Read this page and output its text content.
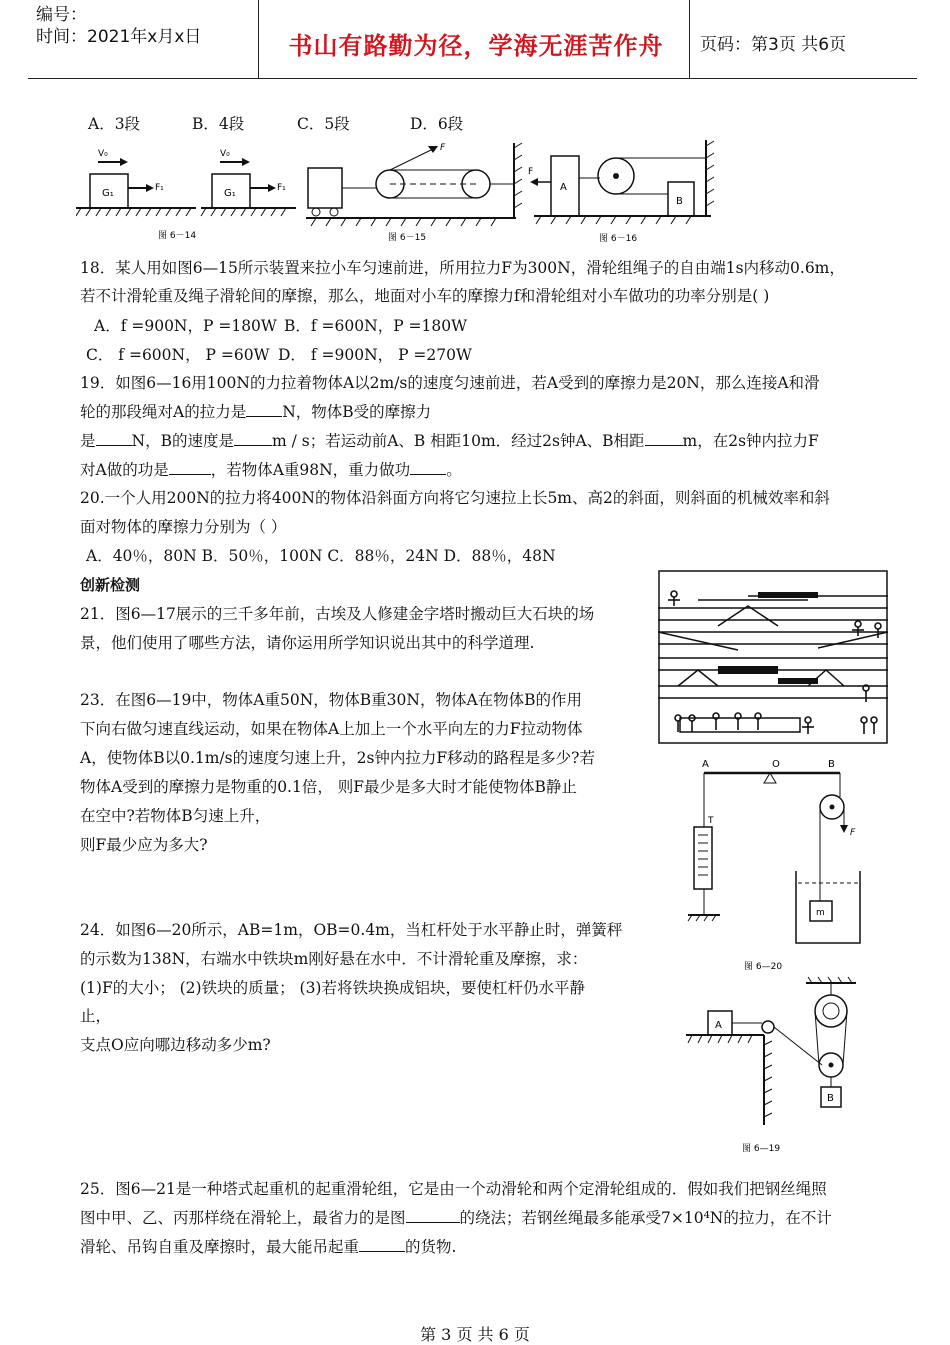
编号：
时间：2021年x月x日	书山有路勤为径，学海无涯苦作舟	页码：第3页 共6页
A．3段	B．4段	C．5段	D．6段
G₁	F₁
V₀
G₁	F₁
V₀
图 6－14
F
图 6－15
A
F
B
图 6－16
18．某人用如图6—15所示装置来拉小车匀速前进，所用拉力F为300N，滑轮组绳子的自由端1s内移动0.6m，
若不计滑轮重及绳子滑轮间的摩擦，那么，地面对小车的摩擦力f和滑轮组对小车做功的功率分别是( )
A．f =900N，P =180W B．f =600N，P =180W
C． f =600N， P =60W D． f =900N， P =270W
19．如图6—16用100N的力拉着物体A以2m/s的速度匀速前进，若A受到的摩擦力是20N，那么连接A和滑
轮的那段绳对A的拉力是 N，物体B受的摩擦力
是 N，B的速度是 m / s；若运动前A、B 相距10m．经过2s钟A、B相距 m，在2s钟内拉力F
对A做的功是	，若物体A重98N，重力做功 。
20.一个人用200N的拉力将400N的物体沿斜面方向将它匀速拉上长5m、高2的斜面，则斜面的机械效率和斜
面对物体的摩擦力分别为（ ）
A．40％，80N B．50％，100N C．88％，24N D．88％，48N
创新检测
21．图6—17展示的三千多年前，古埃及人修建金字塔时搬动巨大石块的场
景，他们使用了哪些方法，请你运用所学知识说出其中的科学道理.
23．在图6—19中，物体A重50N，物体B重30N，物体A在物体B的作用
下向右做匀速直线运动，如果在物体A上加上一个水平向左的力F拉动物体
A，使物体B以0.1m/s的速度匀速上升，2s钟内拉力F移动的路程是多少?若
物体A受到的摩擦力是物重的0.1倍， 则F最少是多大时才能使物体B静止
在空中?若物体B匀速上升，
则F最少应为多大?
A	O	B
T
F
m
图 6—20
24．如图6—20所示，AB=1m，OB=0.4m，当杠杆处于水平静止时，弹簧秤
的示数为138N，右端水中铁块m刚好悬在水中．不计滑轮重及摩擦，求：
(1)F的大小； (2)铁块的质量； (3)若将铁块换成铝块，要使杠杆仍水平静
止，
支点O应向哪边移动多少m?
A
B
图 6—19
25．图6—21是一种塔式起重机的起重滑轮组，它是由一个动滑轮和两个定滑轮组成的．假如我们把钢丝绳照
图中甲、乙、丙那样绕在滑轮上，最省力的是图	的绕法；若钢丝绳最多能承受7×10⁴N的拉力，在不计
滑轮、吊钩自重及摩擦时，最大能吊起重	的货物.
第 3 页 共 6 页
